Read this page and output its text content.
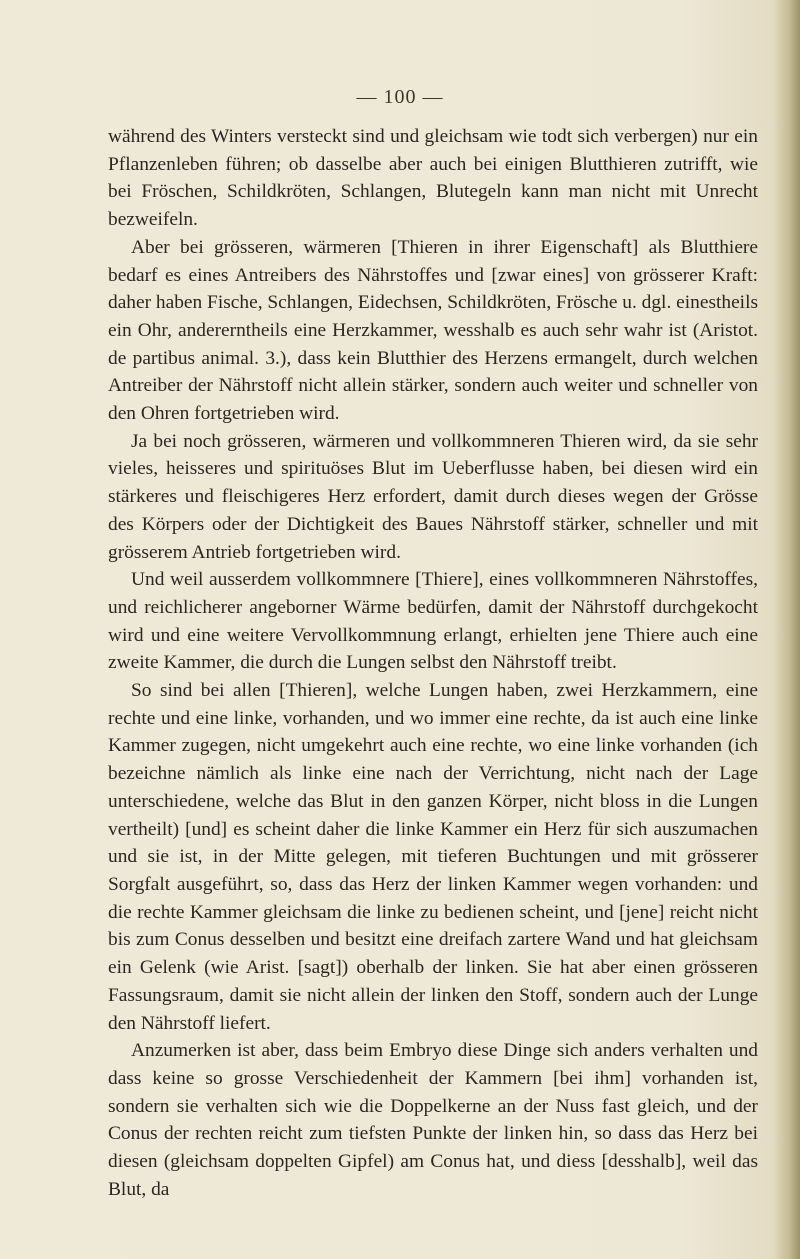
— 100 —

während des Winters versteckt sind und gleichsam wie todt sich verbergen) nur ein Pflanzenleben führen; ob dasselbe aber auch bei einigen Blutthieren zutrifft, wie bei Fröschen, Schildkröten, Schlangen, Blutegeln kann man nicht mit Unrecht bezweifeln.

Aber bei grösseren, wärmeren [Thieren in ihrer Eigenschaft] als Blutthiere bedarf es eines Antreibers des Nährstoffes und [zwar eines] von grösserer Kraft: daher haben Fische, Schlangen, Eidechsen, Schildkröten, Frösche u. dgl. einestheils ein Ohr, andererntheils eine Herzkammer, wesshalb es auch sehr wahr ist (Aristot. de partibus animal. 3.), dass kein Blutthier des Herzens ermangelt, durch welchen Antreiber der Nährstoff nicht allein stärker, sondern auch weiter und schneller von den Ohren fortgetrieben wird.

Ja bei noch grösseren, wärmeren und vollkommneren Thieren wird, da sie sehr vieles, heisseres und spirituöses Blut im Ueberflusse haben, bei diesen wird ein stärkeres und fleischigeres Herz erfordert, damit durch dieses wegen der Grösse des Körpers oder der Dichtigkeit des Baues Nährstoff stärker, schneller und mit grösserem Antrieb fortgetrieben wird.

Und weil ausserdem vollkommnere [Thiere], eines vollkommneren Nährstoffes, und reichlicherer angeborner Wärme bedürfen, damit der Nährstoff durchgekocht wird und eine weitere Vervollkommnung erlangt, erhielten jene Thiere auch eine zweite Kammer, die durch die Lungen selbst den Nährstoff treibt.

So sind bei allen [Thieren], welche Lungen haben, zwei Herzkammern, eine rechte und eine linke, vorhanden, und wo immer eine rechte, da ist auch eine linke Kammer zugegen, nicht umgekehrt auch eine rechte, wo eine linke vorhanden (ich bezeichne nämlich als linke eine nach der Verrichtung, nicht nach der Lage unterschiedene, welche das Blut in den ganzen Körper, nicht bloss in die Lungen vertheilt) [und] es scheint daher die linke Kammer ein Herz für sich auszumachen und sie ist, in der Mitte gelegen, mit tieferen Buchtungen und mit grösserer Sorgfalt ausgeführt, so, dass das Herz der linken Kammer wegen vorhanden: und die rechte Kammer gleichsam die linke zu bedienen scheint, und [jene] reicht nicht bis zum Conus desselben und besitzt eine dreifach zartere Wand und hat gleichsam ein Gelenk (wie Arist. [sagt]) oberhalb der linken. Sie hat aber einen grösseren Fassungsraum, damit sie nicht allein der linken den Stoff, sondern auch der Lunge den Nährstoff liefert.

Anzumerken ist aber, dass beim Embryo diese Dinge sich anders verhalten und dass keine so grosse Verschiedenheit der Kammern [bei ihm] vorhanden ist, sondern sie verhalten sich wie die Doppelkerne an der Nuss fast gleich, und der Conus der rechten reicht zum tiefsten Punkte der linken hin, so dass das Herz bei diesen (gleichsam doppelten Gipfel) am Conus hat, und diess [desshalb], weil das Blut, da
